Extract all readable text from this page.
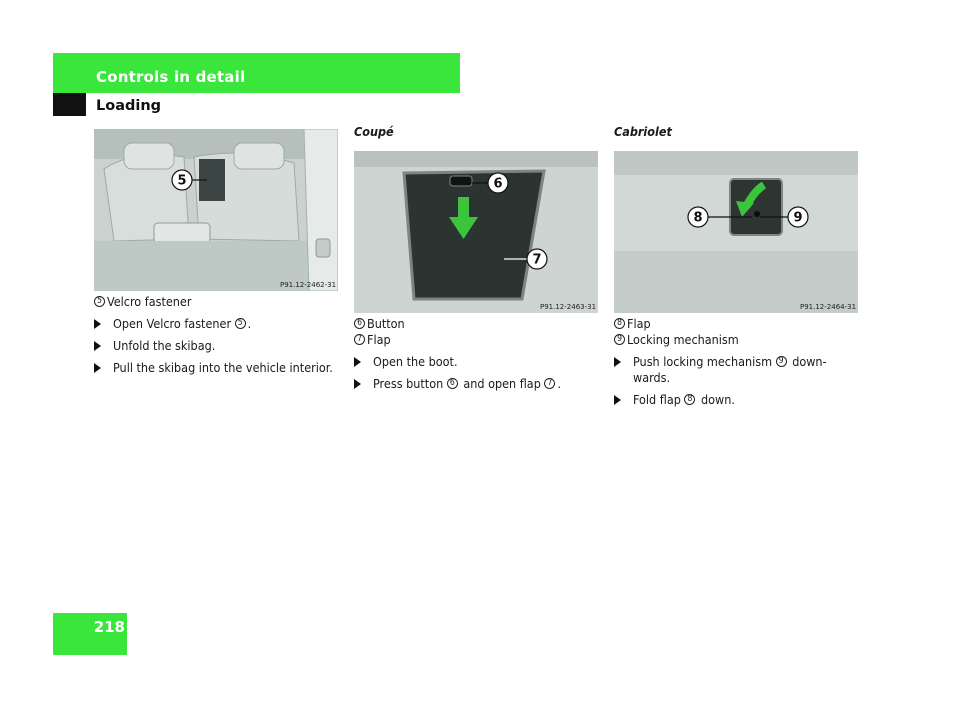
Controls in detail
Loading
5
P91.12-2462-31
5 Velcro fastener
Open Velcro fastener 5 .
Unfold the skibag.
Pull the skibag into the vehicle interior.
Coupé
6
7
P91.12-2463-31
6 Button
7 Flap
Open the boot.
Press button 6 and open flap 7 .
Cabriolet
8	9
P91.12-2464-31
8 Flap
9 Locking mechanism
Push locking mechanism 9 down-
wards.
Fold flap 8 down.
218
